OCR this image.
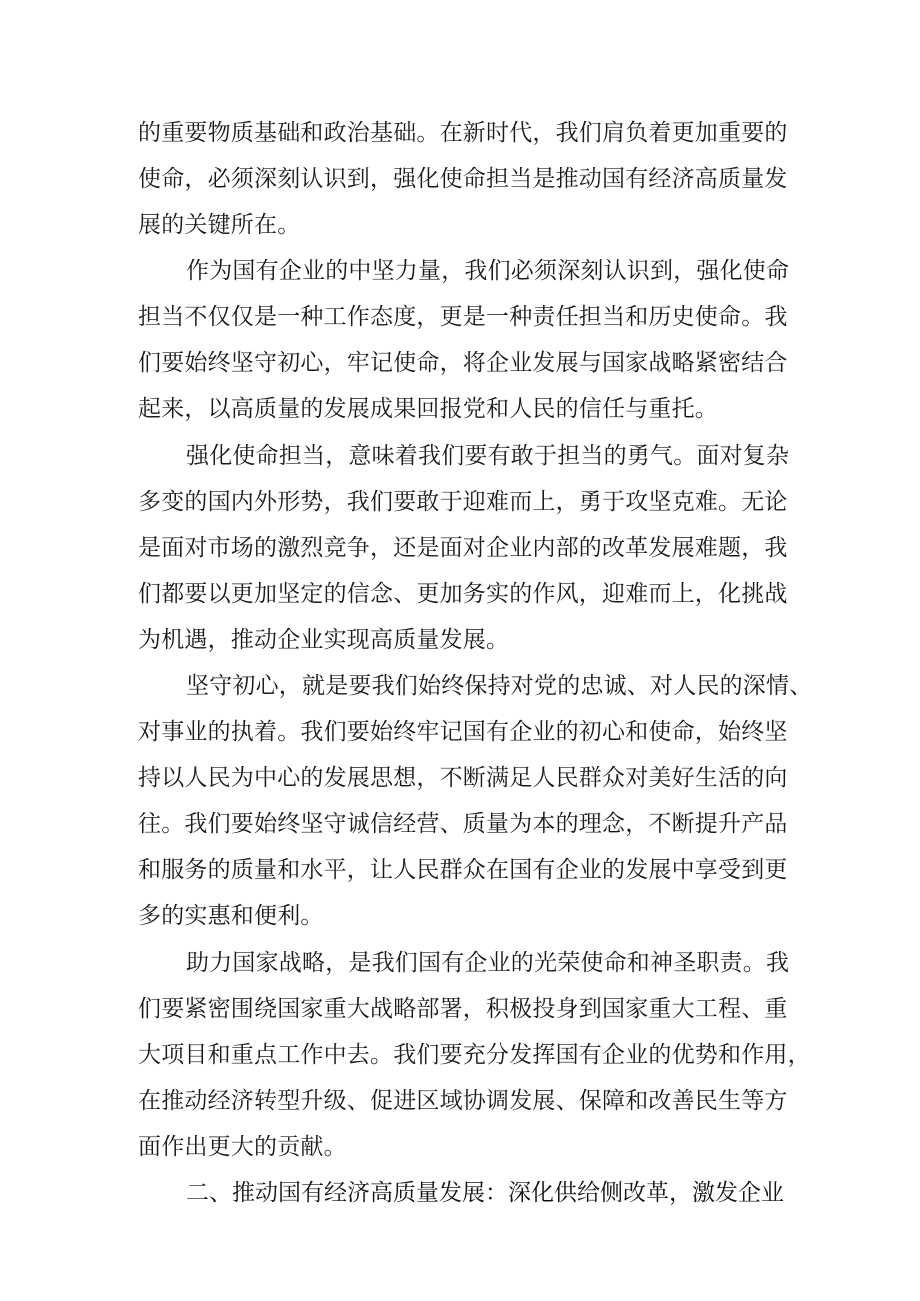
的重要物质基础和政治基础。在新时代，我们肩负着更加重要的
使命，必须深刻认识到，强化使命担当是推动国有经济高质量发
展的关键所在。
作为国有企业的中坚力量，我们必须深刻认识到，强化使命
担当不仅仅是一种工作态度，更是一种责任担当和历史使命。我
们要始终坚守初心，牢记使命，将企业发展与国家战略紧密结合
起来，以高质量的发展成果回报党和人民的信任与重托。
强化使命担当，意味着我们要有敢于担当的勇气。面对复杂
多变的国内外形势，我们要敢于迎难而上，勇于攻坚克难。无论
是面对市场的激烈竞争，还是面对企业内部的改革发展难题，我
们都要以更加坚定的信念、更加务实的作风，迎难而上，化挑战
为机遇，推动企业实现高质量发展。
坚守初心，就是要我们始终保持对党的忠诚、对人民的深情、
对事业的执着。我们要始终牢记国有企业的初心和使命，始终坚
持以人民为中心的发展思想，不断满足人民群众对美好生活的向
往。我们要始终坚守诚信经营、质量为本的理念，不断提升产品
和服务的质量和水平，让人民群众在国有企业的发展中享受到更
多的实惠和便利。
助力国家战略，是我们国有企业的光荣使命和神圣职责。我
们要紧密围绕国家重大战略部署，积极投身到国家重大工程、重
大项目和重点工作中去。我们要充分发挥国有企业的优势和作用，
在推动经济转型升级、促进区域协调发展、保障和改善民生等方
面作出更大的贡献。
二、推动国有经济高质量发展：深化供给侧改革，激发企业
